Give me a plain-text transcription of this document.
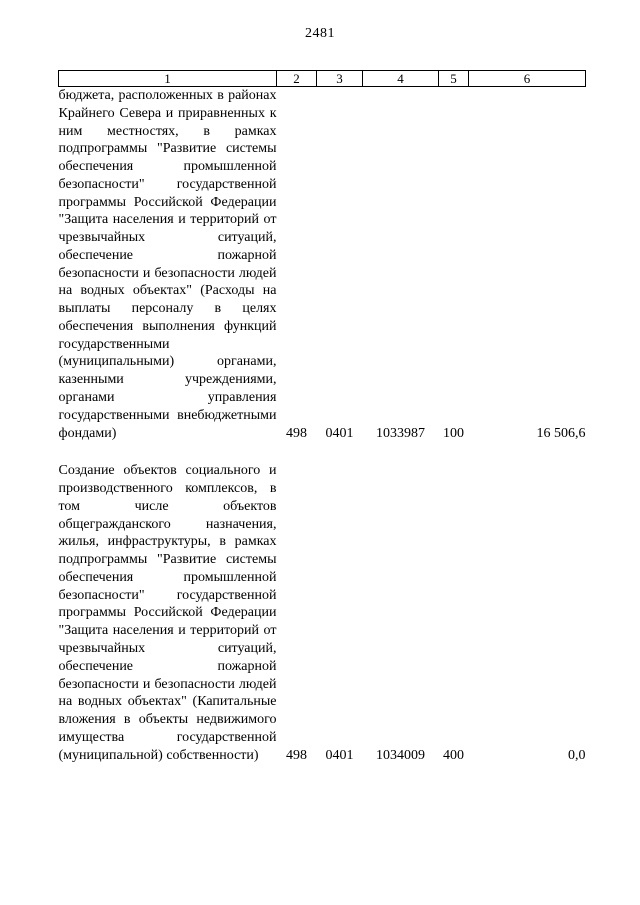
2481
1	2	3	4	5	6
бюджета, расположенных в районах Крайнего Севера и приравненных к ним местностях, в рамках подпрограммы "Развитие системы обеспечения промышленной безопасности" государственной программы Российской Федерации "Защита населения и территорий от чрезвычайных ситуаций, обеспечение пожарной безопасности и безопасности людей на водных объектах" (Расходы на выплаты персоналу в целях обеспечения выполнения функций государственными (муниципальными) органами, казенными учреждениями, органами управления государственными внебюджетными фондами)	498	0401	1033987	100	16 506,6
Создание объектов социального и производственного комплексов, в том числе объектов общегражданского назначения, жилья, инфраструктуры, в рамках подпрограммы "Развитие системы обеспечения промышленной безопасности" государственной программы Российской Федерации "Защита населения и территорий от чрезвычайных ситуаций, обеспечение пожарной безопасности и безопасности людей на водных объектах" (Капитальные вложения в объекты недвижимого имущества государственной (муниципальной) собственности)	498	0401	1034009	400	0,0
